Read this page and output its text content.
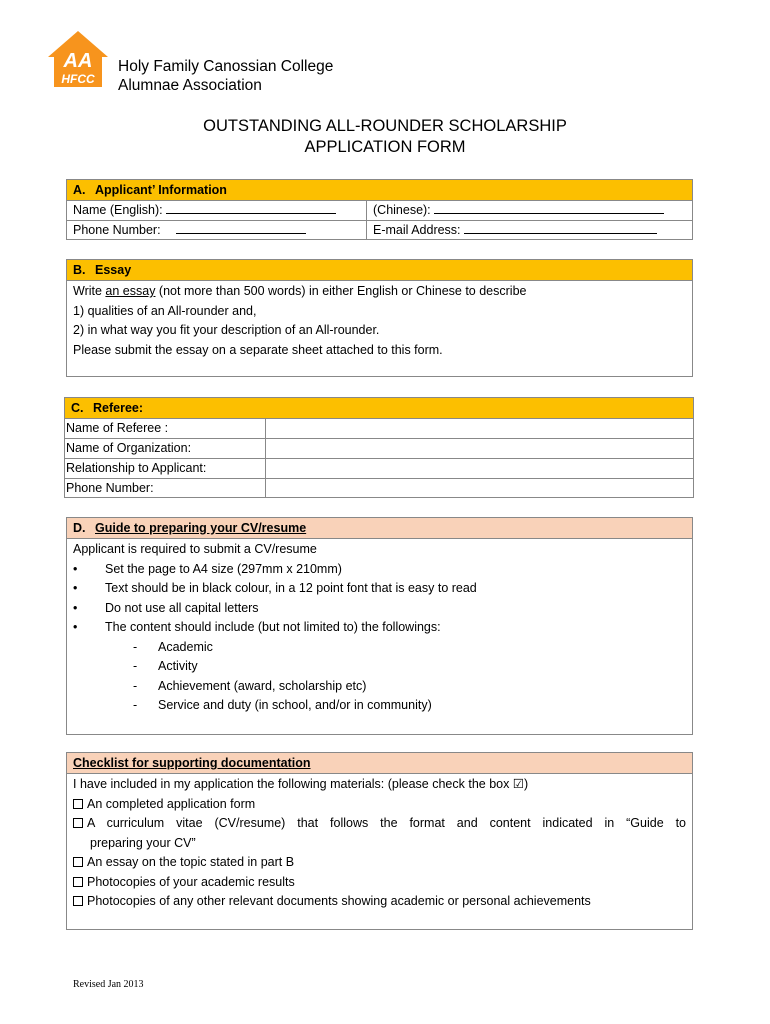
AA
HFCC
Holy Family Canossian College
Alumnae Association
OUTSTANDING ALL-ROUNDER SCHOLARSHIP
APPLICATION FORM
A. Applicant’ Information
Name (English):	(Chinese):
Phone Number:	E-mail Address:
B. Essay
Write an essay (not more than 500 words) in either English or Chinese to describe
1) qualities of an All-rounder and,
2) in what way you fit your description of an All-rounder.
Please submit the essay on a separate sheet attached to this form.
C. Referee:
Name of Referee :	
Name of Organization:	
Relationship to Applicant:	
Phone Number:	
D. Guide to preparing your CV/resume
Applicant is required to submit a CV/resume
• Set the page to A4 size (297mm x 210mm)
• Text should be in black colour, in a 12 point font that is easy to read
• Do not use all capital letters
• The content should include (but not limited to) the followings:
- Academic
- Activity
- Achievement (award, scholarship etc)
- Service and duty (in school, and/or in community)
Checklist for supporting documentation
I have included in my application the following materials: (please check the box ☑)
An completed application form
A curriculum vitae (CV/resume) that follows the format and content indicated in “Guide to
preparing your CV”
An essay on the topic stated in part B
Photocopies of your academic results
Photocopies of any other relevant documents showing academic or personal achievements
Revised Jan 2013
